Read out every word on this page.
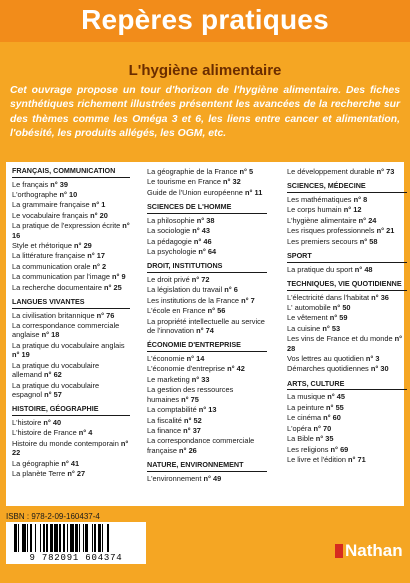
Repères pratiques
L'hygiène alimentaire
Cet ouvrage propose un tour d'horizon de l'hygiène alimentaire. Des fiches synthétiques richement illustrées présentent les avancées de la recherche sur des thèmes comme les Oméga 3 et 6, les liens entre cancer et alimentation, l'obésité, les produits allégés, les OGM, etc.
FRANÇAIS, COMMUNICATION
Le français n° 39
L'orthographe n° 10
La grammaire française n° 1
Le vocabulaire français n° 20
La pratique de l'expression écrite n° 16
Style et rhétorique n° 29
La littérature française n° 17
La communication orale n° 2
La communication par l'image n° 9
La recherche documentaire n° 25
LANGUES VIVANTES
La civilisation britannique n° 76
La correspondance commerciale anglaise n° 18
La pratique du vocabulaire anglais n° 19
La pratique du vocabulaire allemand n° 62
La pratique du vocabulaire espagnol n° 57
HISTOIRE, GÉOGRAPHIE
L'histoire n° 40
L'histoire de France n° 4
Histoire du monde contemporain n° 22
La géographie n° 41
La planète Terre n° 27
La géographie de la France n° 5
Le tourisme en France n° 32
Guide de l'Union européenne n° 11
SCIENCES DE L'HOMME
La philosophie n° 38
La sociologie n° 43
La pédagogie n° 46
La psychologie n° 64
DROIT, INSTITUTIONS
Le droit privé n° 72
La législation du travail n° 6
Les institutions de la France n° 7
L'école en France n° 56
La propriété intellectuelle au service de l'innovation n° 74
ÉCONOMIE D'ENTREPRISE
L'économie n° 14
L'économie d'entreprise n° 42
Le marketing n° 33
La gestion des ressources humaines n° 75
La comptabilité n° 13
La fiscalité n° 52
La finance n° 37
La correspondance commerciale française n° 26
NATURE, ENVIRONNEMENT
L'environnement n° 49
Le développement durable n° 73
SCIENCES, MÉDECINE
Les mathématiques n° 8
Le corps humain n° 12
L'hygiène alimentaire n° 24
Les risques professionnels n° 21
Les premiers secours n° 58
SPORT
La pratique du sport n° 48
TECHNIQUES, VIE QUOTIDIENNE
L'électricité dans l'habitat n° 36
L' automobile n° 50
Le vêtement n° 59
La cuisine n° 53
Les vins de France et du monde n° 28
Vos lettres au quotidien n° 3
Démarches quotidiennes n° 30
ARTS, CULTURE
La musique n° 45
La peinture n° 55
Le cinéma n° 60
L'opéra n° 70
La Bible n° 35
Les religions n° 69
Le livre et l'édition n° 71
ISBN : 978-2-09-160437-4
9 782091 604374	Nathan
